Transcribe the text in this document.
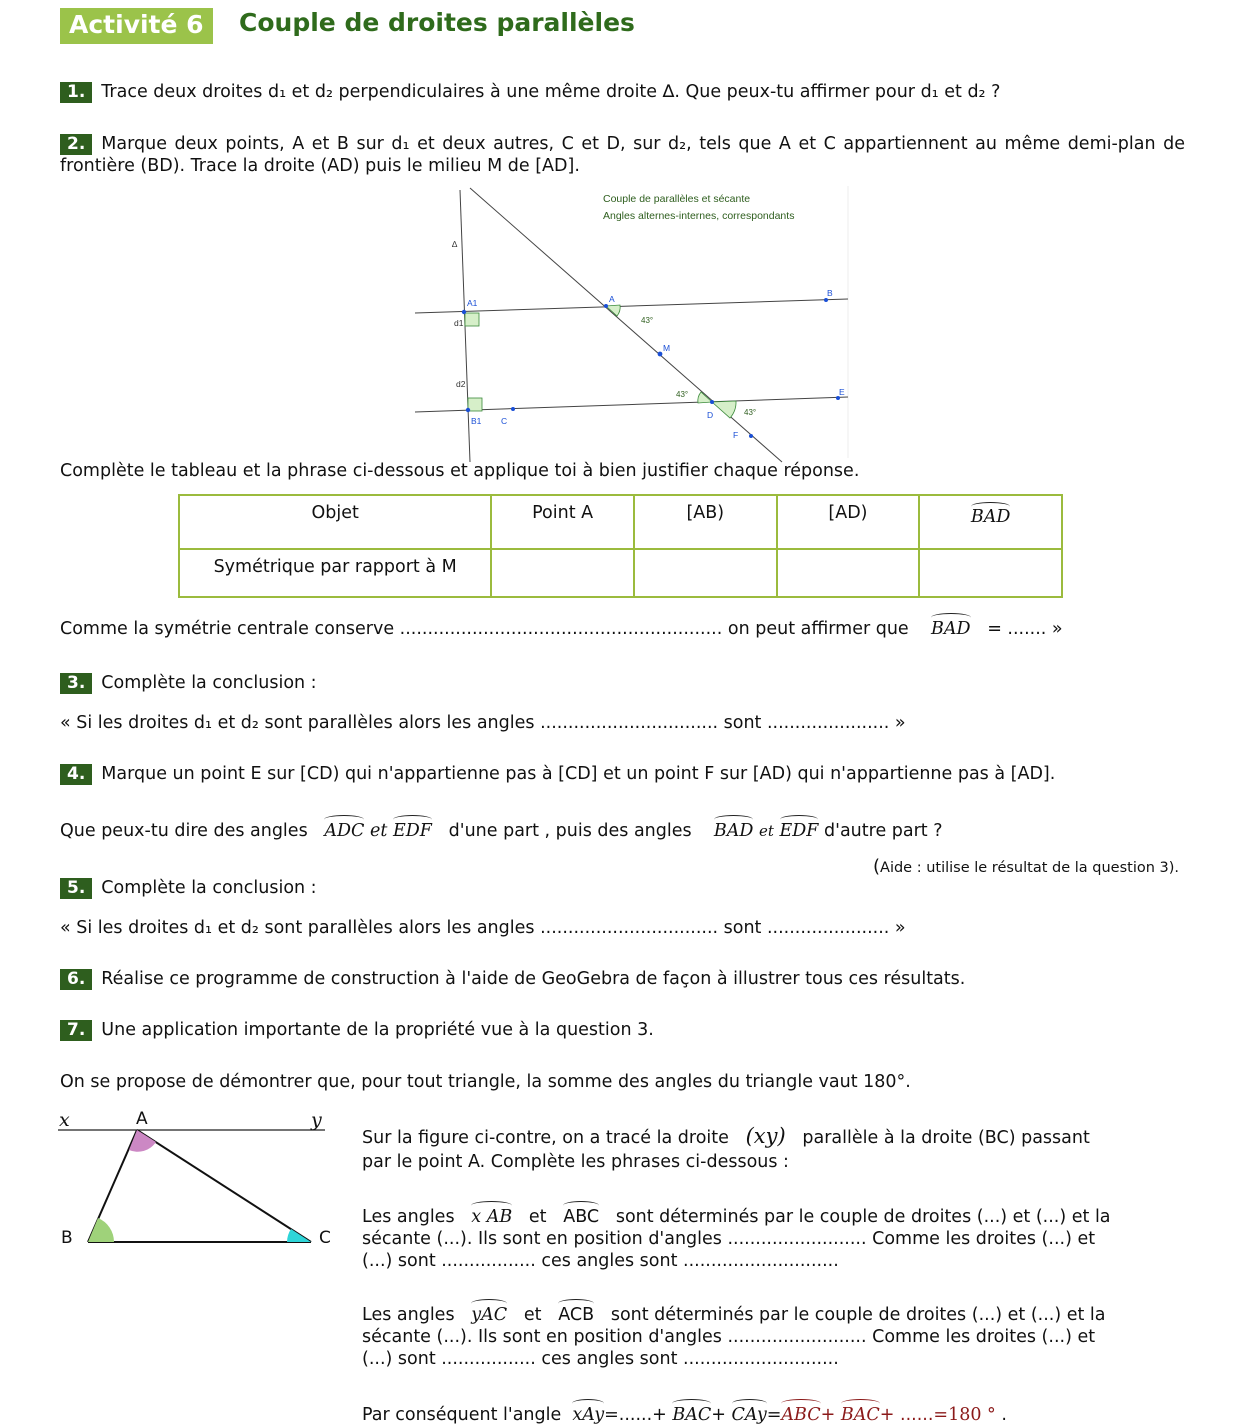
Activité 6	Couple de droites parallèles
1. Trace deux droites d₁ et d₂ perpendiculaires à une même droite ∆. Que peux-tu affirmer pour d₁ et d₂ ?
2. Marque deux points, A et B sur d₁ et deux autres, C et D, sur d₂, tels que A et C appartiennent au même demi-plan de frontière (BD). Trace la droite (AD) puis le milieu M de [AD].
Couple de parallèles et sécante
Angles alternes-internes, correspondants
A1
B1
A
B
C
D
E
F
M
∆
d1
d2
43°
43°
43°
Complète le tableau et la phrase ci-dessous et applique toi à bien justifier chaque réponse.
Objet	Point A	[AB)	[AD)	BAD
Symétrique par rapport à M				
Comme la symétrie centrale conserve .......................................................... on peut affirmer que BAD = ....... »
3. Complète la conclusion :
« Si les droites d₁ et d₂ sont parallèles alors les angles ................................ sont ...................... »
4. Marque un point E sur [CD) qui n'appartienne pas à [CD] et un point F sur [AD) qui n'appartienne pas à [AD].
Que peux-tu dire des angles ADC et EDF d'une part , puis des angles BAD et EDF d'autre part ?
(Aide : utilise le résultat de la question 3).
5. Complète la conclusion :
« Si les droites d₁ et d₂ sont parallèles alors les angles ................................ sont ...................... »
6. Réalise ce programme de construction à l'aide de GeoGebra de façon à illustrer tous ces résultats.
7. Une application importante de la propriété vue à la question 3.
On se propose de démontrer que, pour tout triangle, la somme des angles du triangle vaut 180°.
x	y
A
B	C
Sur la figure ci-contre, on a tracé la droite (xy) parallèle à la droite (BC) passant
par le point A. Complète les phrases ci-dessous :
Les angles x AB et ABC sont déterminés par le couple de droites (...) et (...) et la
sécante (...). Ils sont en position d'angles ......................... Comme les droites (...) et
(...) sont ................. ces angles sont ............................
Les angles yAC et ACB sont déterminés par le couple de droites (...) et (...) et la
sécante (...). Ils sont en position d'angles ......................... Comme les droites (...) et
(...) sont ................. ces angles sont ............................
Par conséquent l'angle xAy=......+ BAC+ CAy=ABC+ BAC+ ......=180 ° .
